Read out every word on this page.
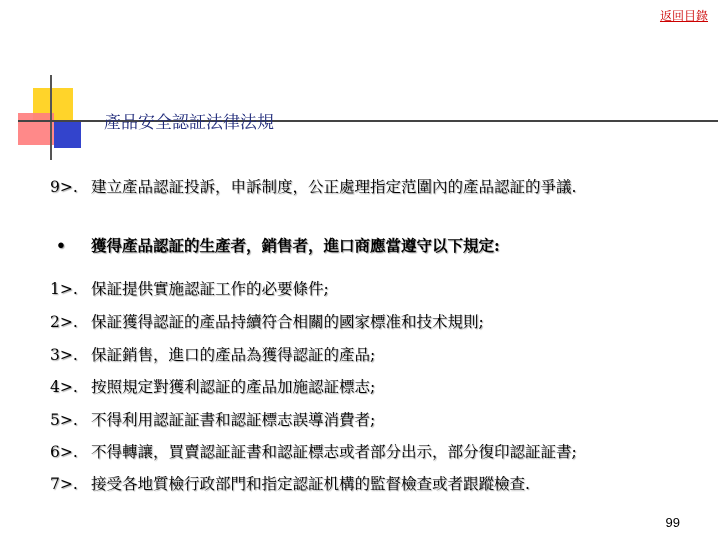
返回目錄
產品安全認証法律法規
9>. 建立產品認証投訴，申訴制度，公正處理指定范圍內的產品認証的爭議.
• 獲得產品認証的生產者，銷售者，進口商應當遵守以下規定:
1>. 保証提供實施認証工作的必要條件;
2>. 保証獲得認証的產品持續符合相關的國家標准和技术規則;
3>. 保証銷售，進口的產品為獲得認証的產品;
4>. 按照規定對獲利認証的產品加施認証標志;
5>. 不得利用認証証書和認証標志誤導消費者;
6>. 不得轉讓，買賣認証証書和認証標志或者部分出示，部分復印認証証書;
7>. 接受各地質檢行政部門和指定認証机構的監督檢查或者跟蹤檢查.
99
